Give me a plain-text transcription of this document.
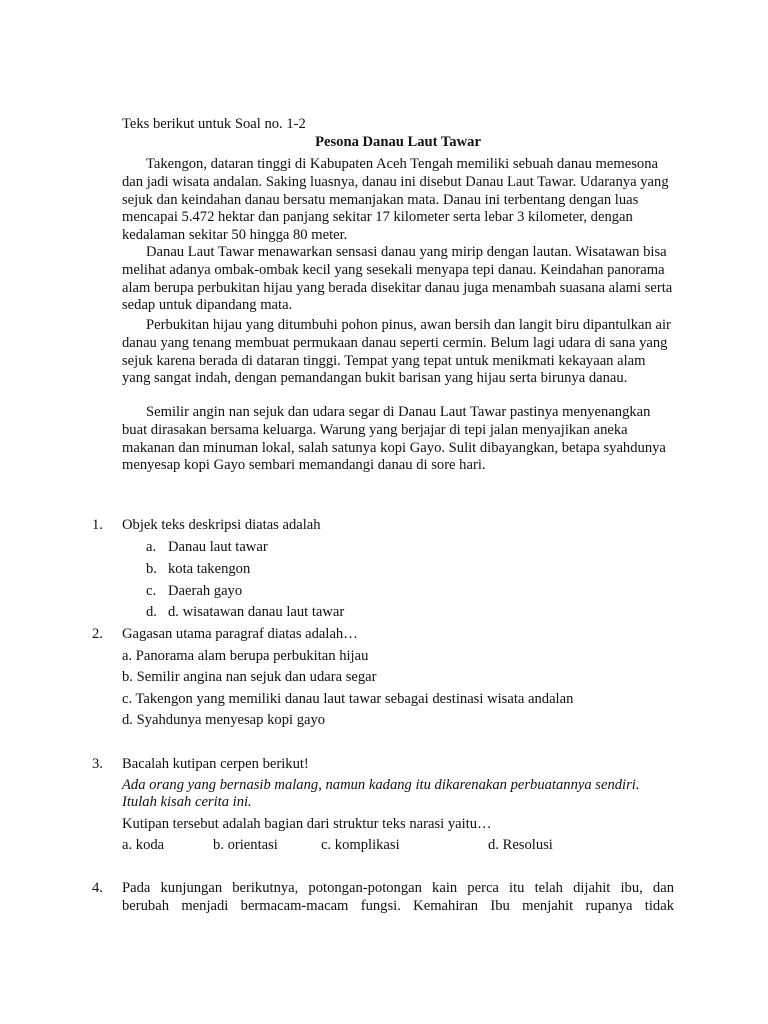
Teks berikut untuk Soal no. 1-2
Pesona Danau Laut Tawar
Takengon, dataran tinggi di Kabupaten Aceh Tengah memiliki sebuah danau memesona dan jadi wisata andalan. Saking luasnya, danau ini disebut Danau Laut Tawar. Udaranya yang sejuk dan keindahan danau bersatu memanjakan mata. Danau ini terbentang dengan luas mencapai 5.472 hektar dan panjang sekitar 17 kilometer serta lebar 3 kilometer, dengan kedalaman sekitar 50 hingga 80 meter.
Danau Laut Tawar menawarkan sensasi danau yang mirip dengan lautan. Wisatawan bisa melihat adanya ombak-ombak kecil yang sesekali menyapa tepi danau. Keindahan panorama alam berupa perbukitan hijau yang berada disekitar danau juga menambah suasana alami serta sedap untuk dipandang mata.
Perbukitan hijau yang ditumbuhi pohon pinus, awan bersih dan langit biru dipantulkan air danau yang tenang membuat permukaan danau seperti cermin. Belum lagi udara di sana yang sejuk karena berada di dataran tinggi. Tempat yang tepat untuk menikmati kekayaan alam yang sangat indah, dengan pemandangan bukit barisan yang hijau serta birunya danau.
Semilir angin nan sejuk dan udara segar di Danau Laut Tawar pastinya menyenangkan buat dirasakan bersama keluarga. Warung yang berjajar di tepi jalan menyajikan aneka makanan dan minuman lokal, salah satunya kopi Gayo. Sulit dibayangkan, betapa syahdunya menyesap kopi Gayo sembari memandangi danau di sore hari.
1. Objek teks deskripsi diatas adalah
a. Danau laut tawar
b. kota takengon
c. Daerah gayo
d. d. wisatawan danau laut tawar
2. Gagasan utama paragraf diatas adalah…
a. Panorama alam berupa perbukitan hijau
b. Semilir angina nan sejuk dan udara segar
c. Takengon yang memiliki danau laut tawar sebagai destinasi wisata andalan
d. Syahdunya menyesap kopi gayo
3. Bacalah kutipan cerpen berikut!
Ada orang yang bernasib malang, namun kadang itu dikarenakan perbuatannya sendiri.
Itulah kisah cerita ini.
Kutipan tersebut adalah bagian dari struktur teks narasi yaitu…
a. koda	b. orientasi	c. komplikasi	d. Resolusi
4. Pada kunjungan berikutnya, potongan-potongan kain perca itu telah dijahit ibu, dan
berubah menjadi bermacam-macam fungsi. Kemahiran Ibu menjahit rupanya tidak
